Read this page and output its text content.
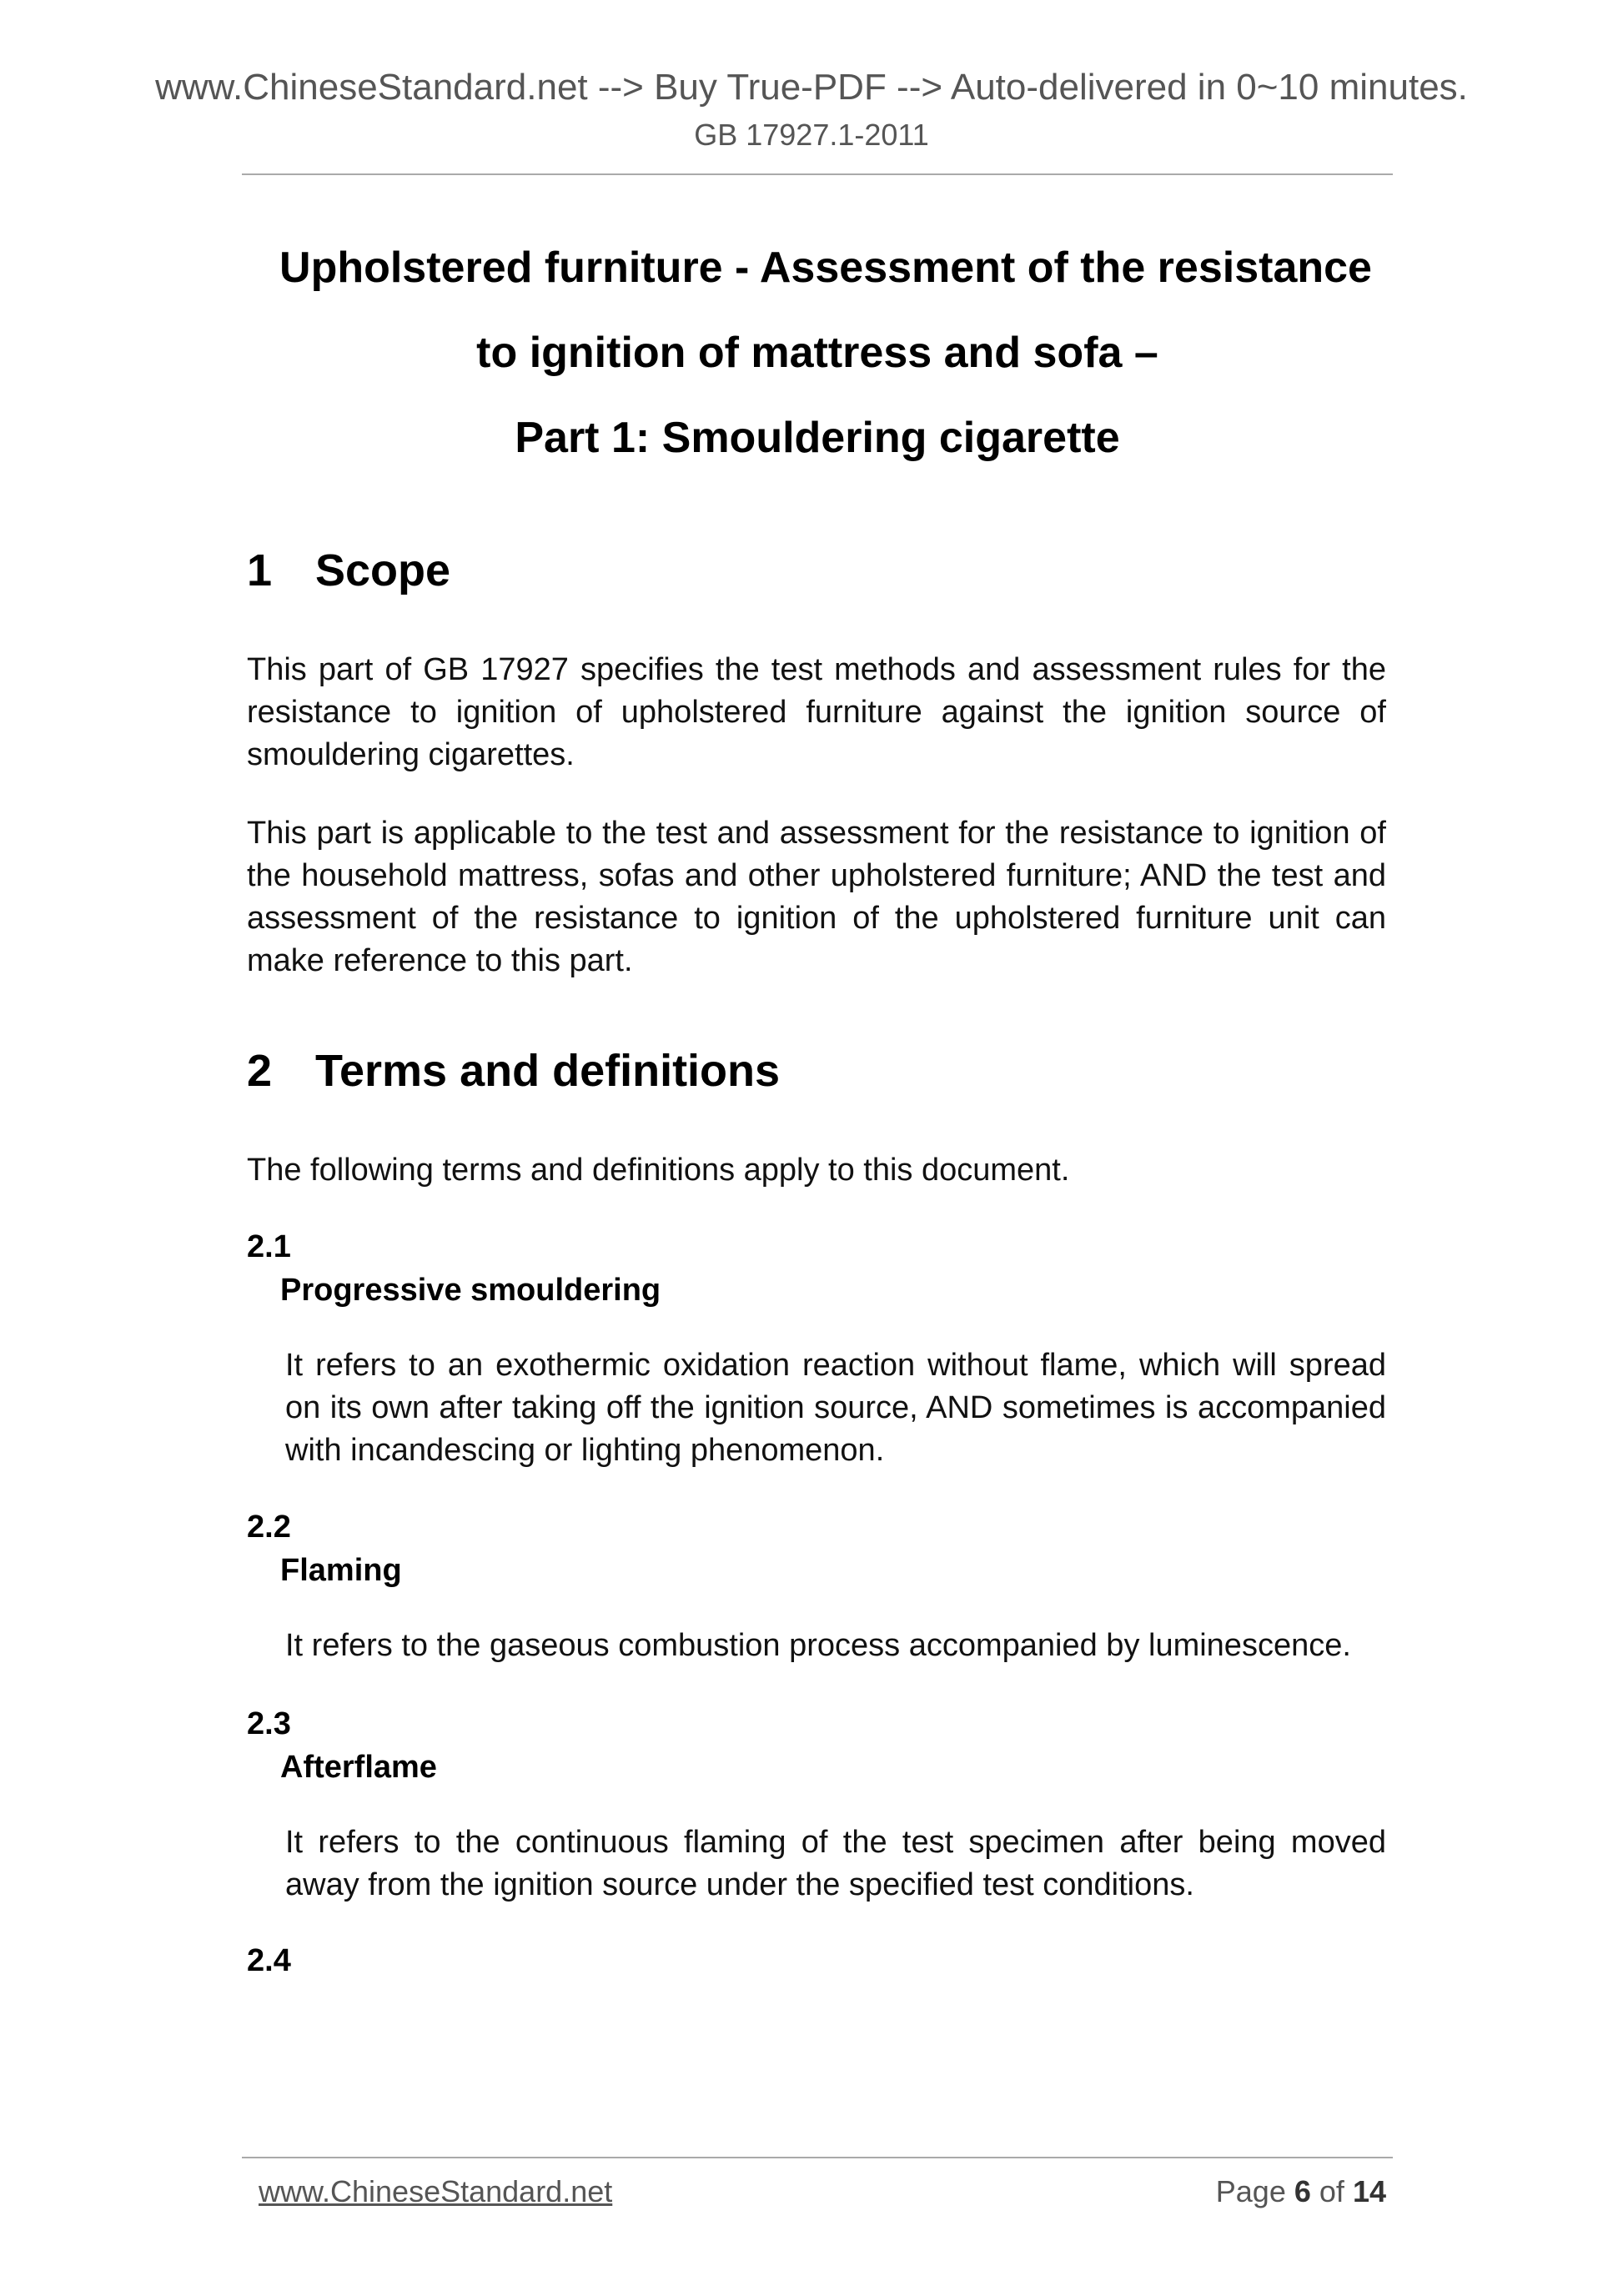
www.ChineseStandard.net --> Buy True-PDF --> Auto-delivered in 0~10 minutes.
GB 17927.1-2011
Upholstered furniture - Assessment of the resistance
to ignition of mattress and sofa –
Part 1: Smouldering cigarette
1 Scope
This part of GB 17927 specifies the test methods and assessment rules for the resistance to ignition of upholstered furniture against the ignition source of smouldering cigarettes.
This part is applicable to the test and assessment for the resistance to ignition of the household mattress, sofas and other upholstered furniture; AND the test and assessment of the resistance to ignition of the upholstered furniture unit can make reference to this part.
2 Terms and definitions
The following terms and definitions apply to this document.
2.1
Progressive smouldering
It refers to an exothermic oxidation reaction without flame, which will spread on its own after taking off the ignition source, AND sometimes is accompanied with incandescing or lighting phenomenon.
2.2
Flaming
It refers to the gaseous combustion process accompanied by luminescence.
2.3
Afterflame
It refers to the continuous flaming of the test specimen after being moved away from the ignition source under the specified test conditions.
2.4
www.ChineseStandard.net	Page 6 of 14
